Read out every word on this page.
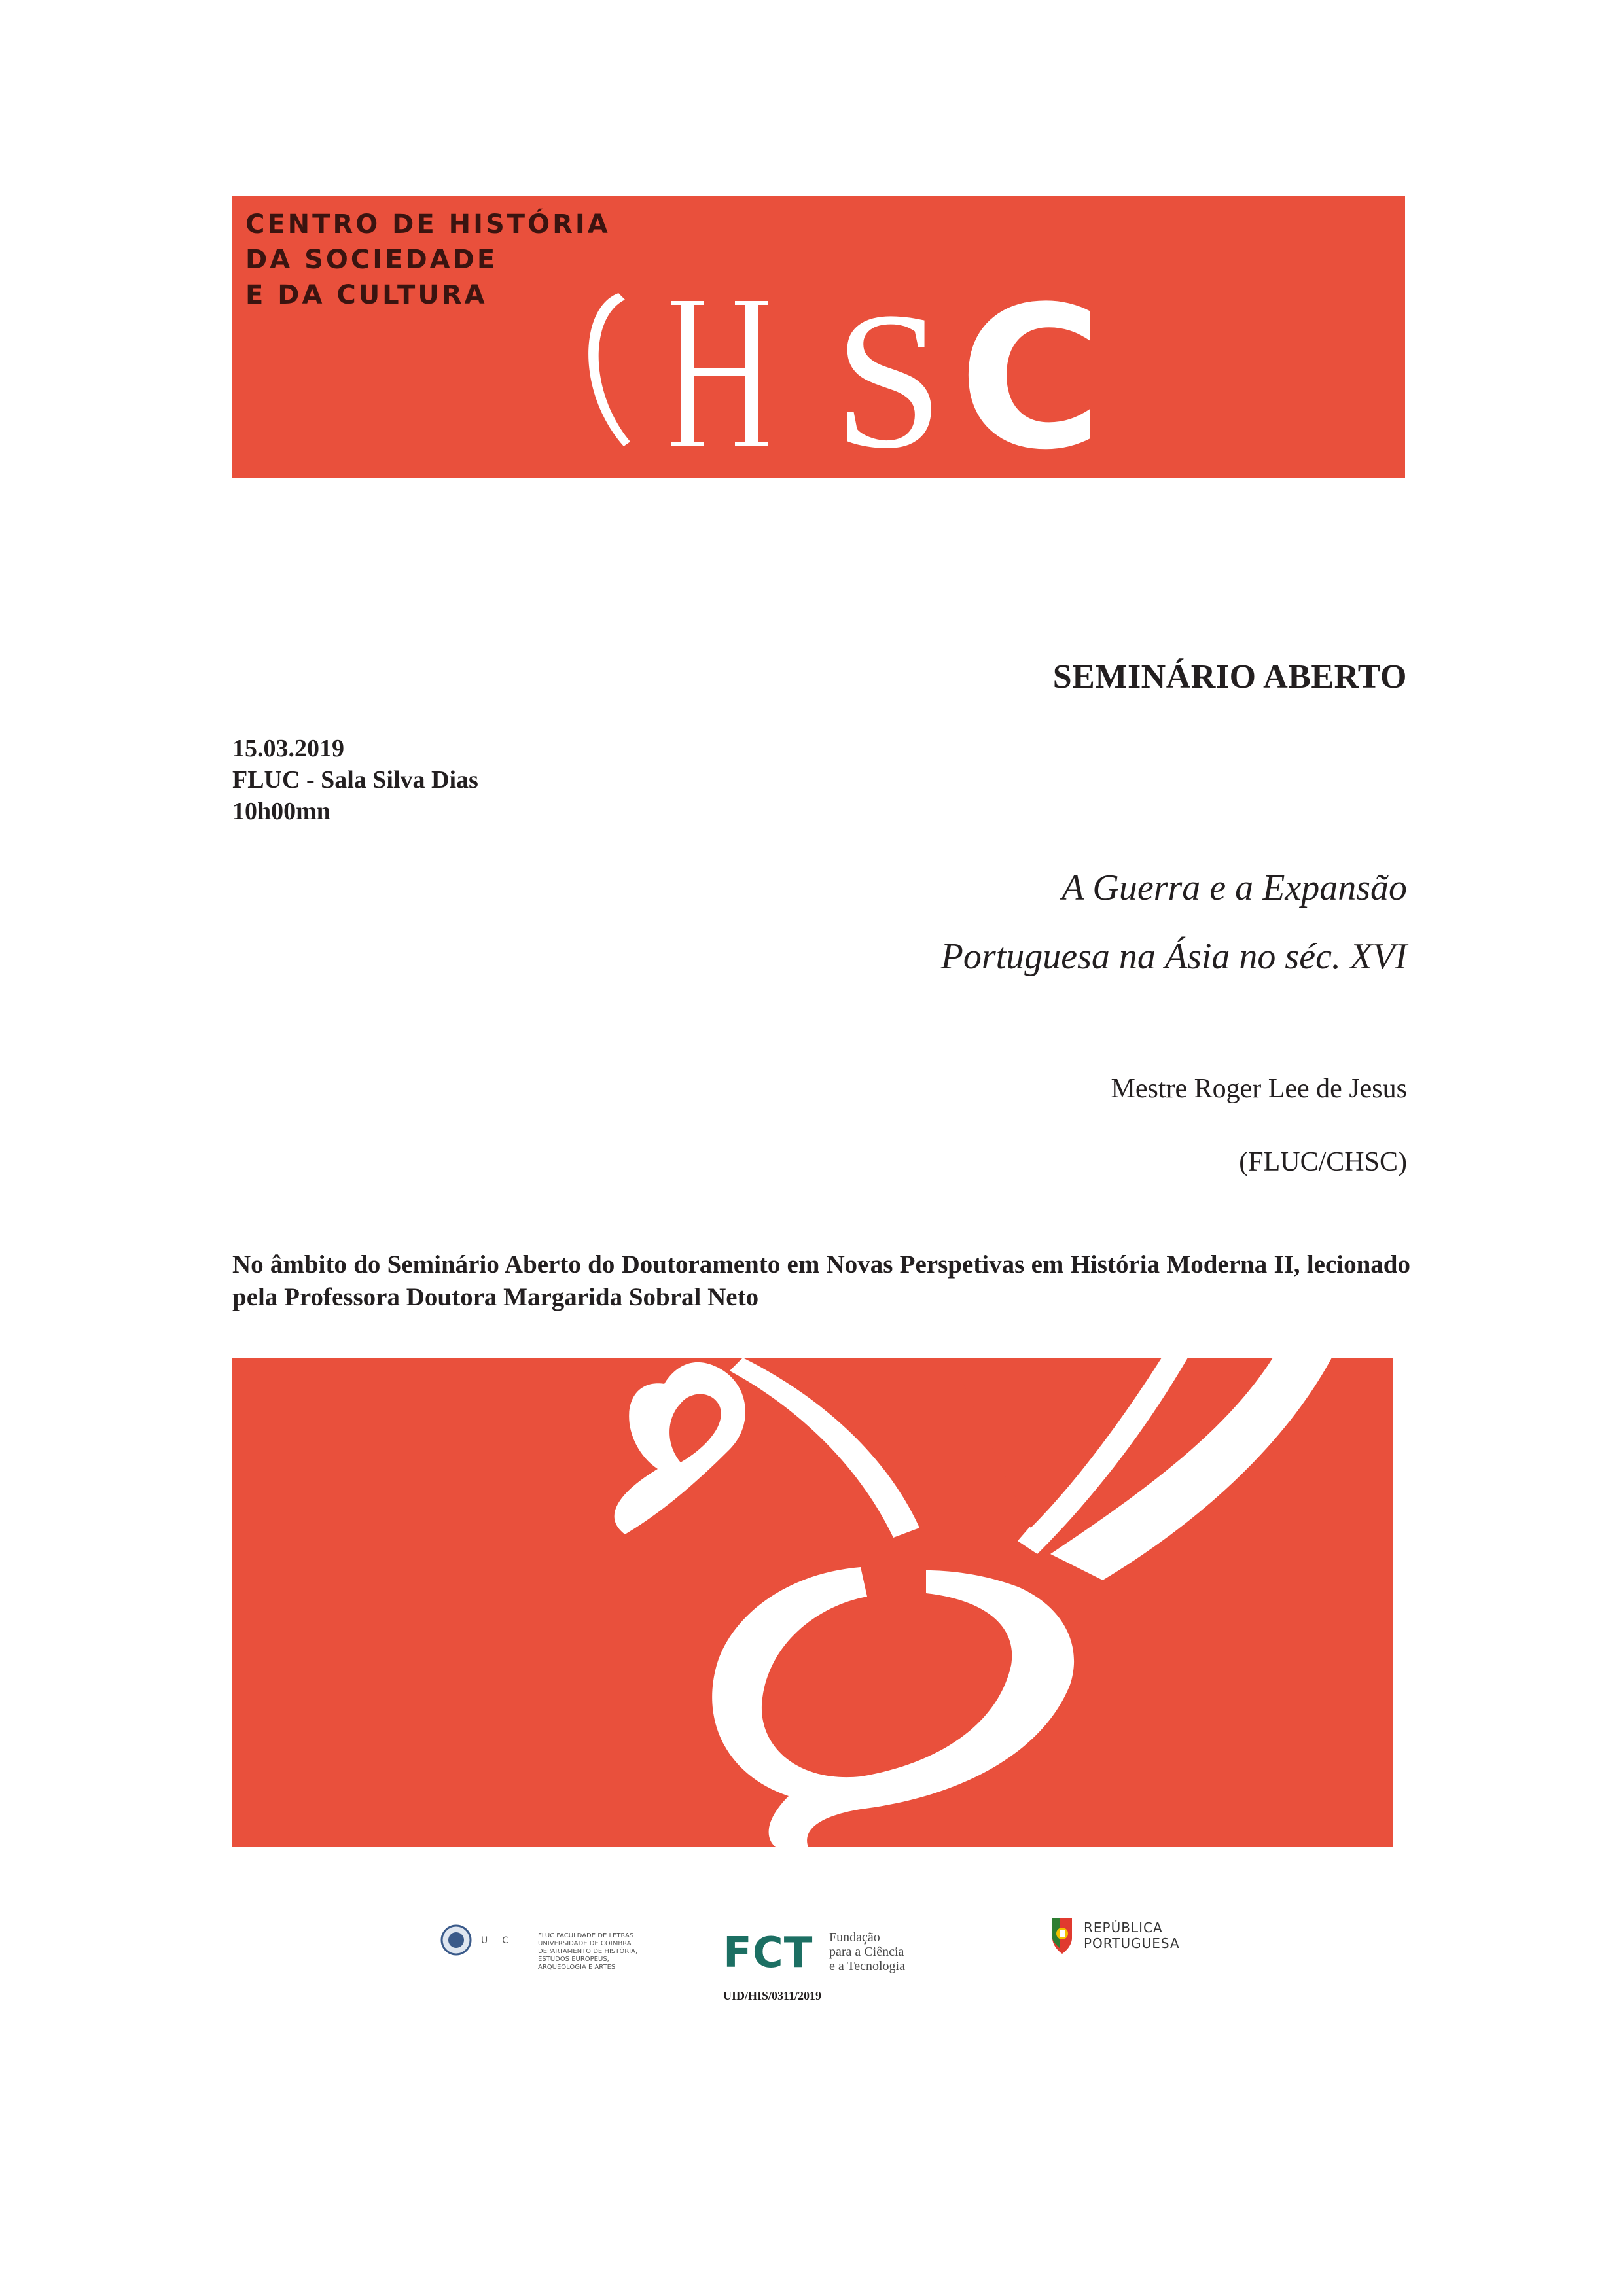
CENTRO DE HISTÓRIA
DA SOCIEDADE
E DA CULTURA	S C
SEMINÁRIO ABERTO
15.03.2019
FLUC - Sala Silva Dias
10h00mn
A Guerra e a Expansão
Portuguesa na Ásia no séc. XVI
Mestre Roger Lee de Jesus
(FLUC/CHSC)
No âmbito do Seminário Aberto do Doutoramento em Novas Perspetivas em História Moderna II, lecionado pela Professora Doutora Margarida Sobral Neto
UC FLUC FACULDADE DE LETRAS
UNIVERSIDADE DE COIMBRA
DEPARTAMENTO DE HISTÓRIA,
ESTUDOS EUROPEUS,
ARQUEOLOGIA E ARTES	FCT Fundação
para a Ciência
e a Tecnologia
UID/HIS/0311/2019
REPÚBLICA
PORTUGUESA
